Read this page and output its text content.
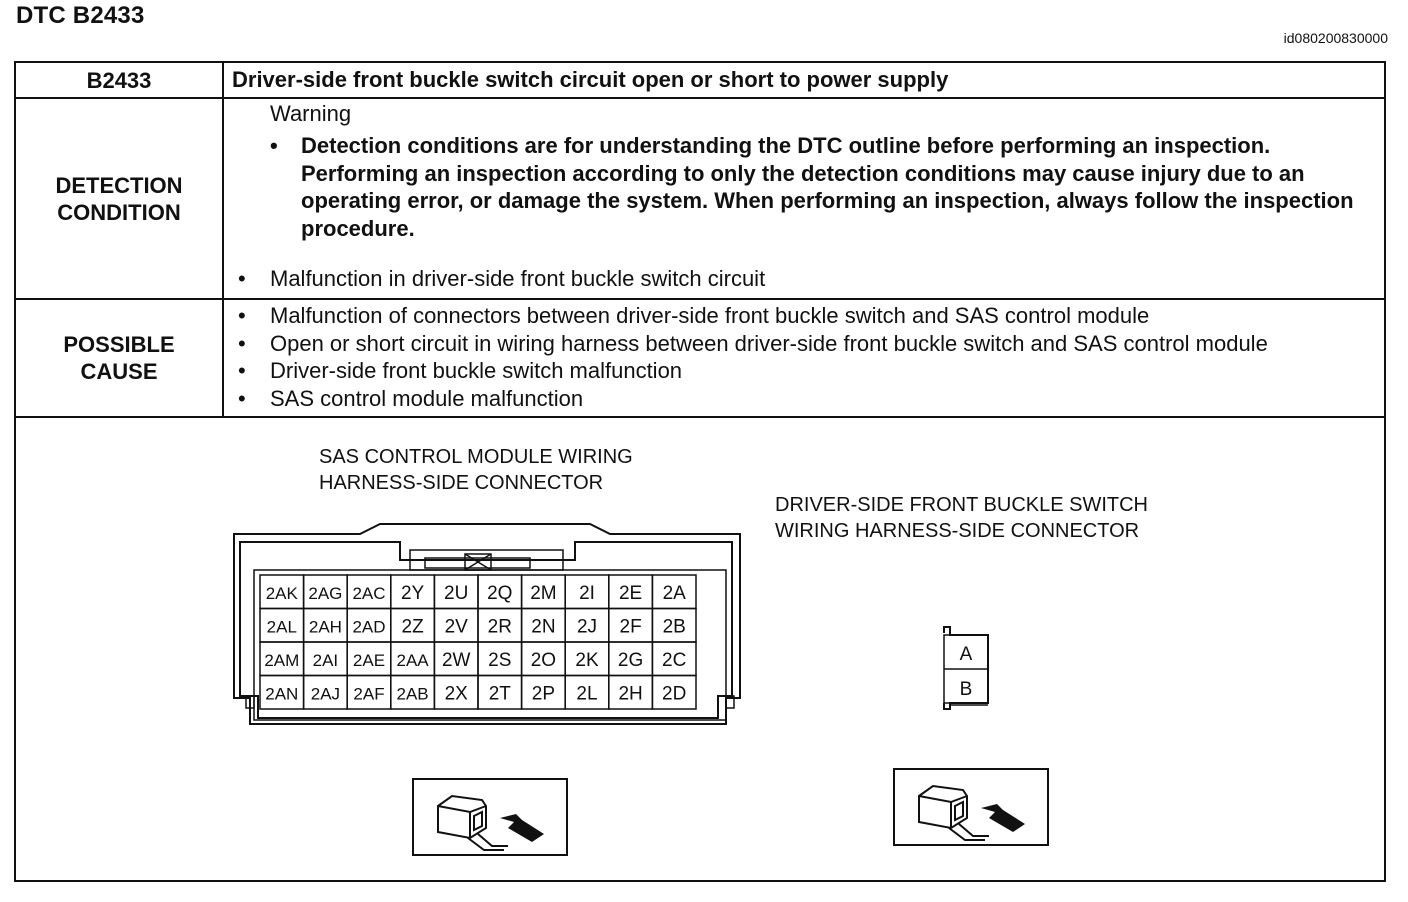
DTC B2433
id080200830000
B2433	Driver-side front buckle switch circuit open or short to power supply
DETECTION
CONDITION
Warning
• Detection conditions are for understanding the DTC outline before performing an inspection. Performing an inspection according to only the detection conditions may cause injury due to an operating error, or damage the system. When performing an inspection, always follow the inspection procedure.
• Malfunction in driver-side front buckle switch circuit
POSSIBLE
CAUSE
• Malfunction of connectors between driver-side front buckle switch and SAS control module
• Open or short circuit in wiring harness between driver-side front buckle switch and SAS control module
• Driver-side front buckle switch malfunction
• SAS control module malfunction
SAS CONTROL MODULE WIRING
HARNESS-SIDE CONNECTOR
DRIVER-SIDE FRONT BUCKLE SWITCH
WIRING HARNESS-SIDE CONNECTOR
2AK 2AG 2AC 2Y 2U 2Q 2M 2I 2E 2A
2AL 2AH 2AD 2Z 2V 2R 2N 2J 2F 2B
2AM 2AI 2AE 2AA 2W 2S 2O 2K 2G 2C
2AN 2AJ 2AF 2AB 2X 2T 2P 2L 2H 2D
A
B
